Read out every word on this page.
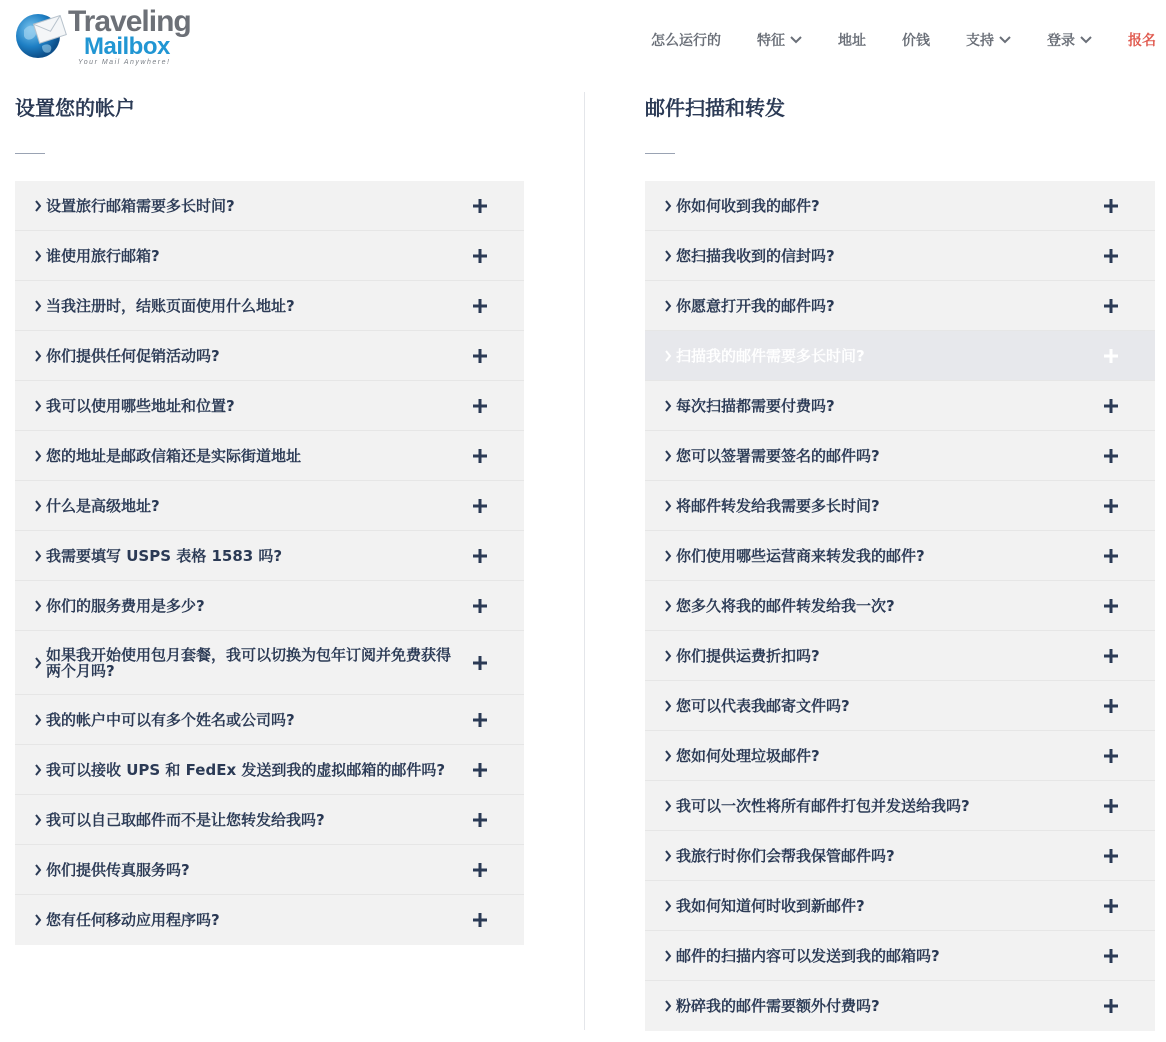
Traveling
Mailbox
Your Mail Anywhere!
怎么运行的	特征	地址	价钱	支持	登录	报名
设置您的帐户
设置旅行邮箱需要多长时间?
谁使用旅行邮箱?
当我注册时，结账页面使用什么地址?
你们提供任何促销活动吗?
我可以使用哪些地址和位置?
您的地址是邮政信箱还是实际街道地址
什么是高级地址?
我需要填写 USPS 表格 1583 吗?
你们的服务费用是多少?
如果我开始使用包月套餐，我可以切换为包年订阅并免费获得两个月吗?
我的帐户中可以有多个姓名或公司吗?
我可以接收 UPS 和 FedEx 发送到我的虚拟邮箱的邮件吗?
我可以自己取邮件而不是让您转发给我吗?
你们提供传真服务吗?
您有任何移动应用程序吗?
邮件扫描和转发
你如何收到我的邮件?
您扫描我收到的信封吗?
你愿意打开我的邮件吗?
扫描我的邮件需要多长时间?
每次扫描都需要付费吗?
您可以签署需要签名的邮件吗?
将邮件转发给我需要多长时间?
你们使用哪些运营商来转发我的邮件?
您多久将我的邮件转发给我一次?
你们提供运费折扣吗?
您可以代表我邮寄文件吗?
您如何处理垃圾邮件?
我可以一次性将所有邮件打包并发送给我吗?
我旅行时你们会帮我保管邮件吗?
我如何知道何时收到新邮件?
邮件的扫描内容可以发送到我的邮箱吗?
粉碎我的邮件需要额外付费吗?
